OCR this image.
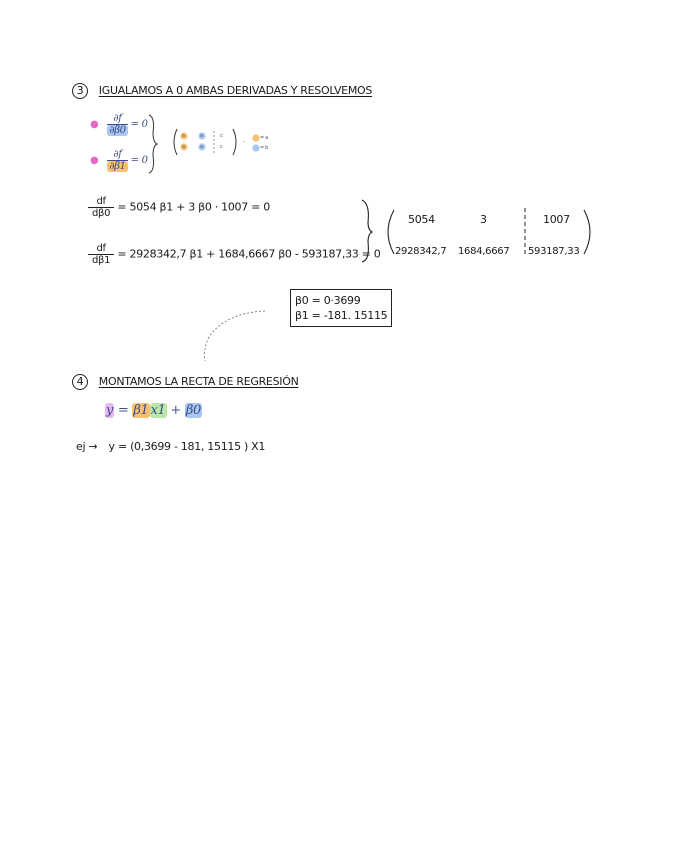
3 IGUALAMOS A 0 AMBAS DERIVADAS Y RESOLVEMOS
● $\frac{\partial f}{\partial\beta 0} = 0$
● $\frac{\partial f}{\partial\beta 1} = 0$
·
a	a	c
a	a	c
= a
= b
$\frac{df}{d\beta 0} = 5054$ β1 + 3 β0 · 1007 = 0
$\frac{df}{d\beta 1} = 2928342,7$ β1 + 1684,6667 β0 - 593187,33 = 0
5054	3	1007
2928342,7 1684,6667 593187,33
β0 = 0·3699
β1 = -181. 15115
4 MONTAMOS LA RECTA DE REGRESIÓN
y = β1 x1 + β0
ej → y = (0,3699 - 181, 15115 ) X1
